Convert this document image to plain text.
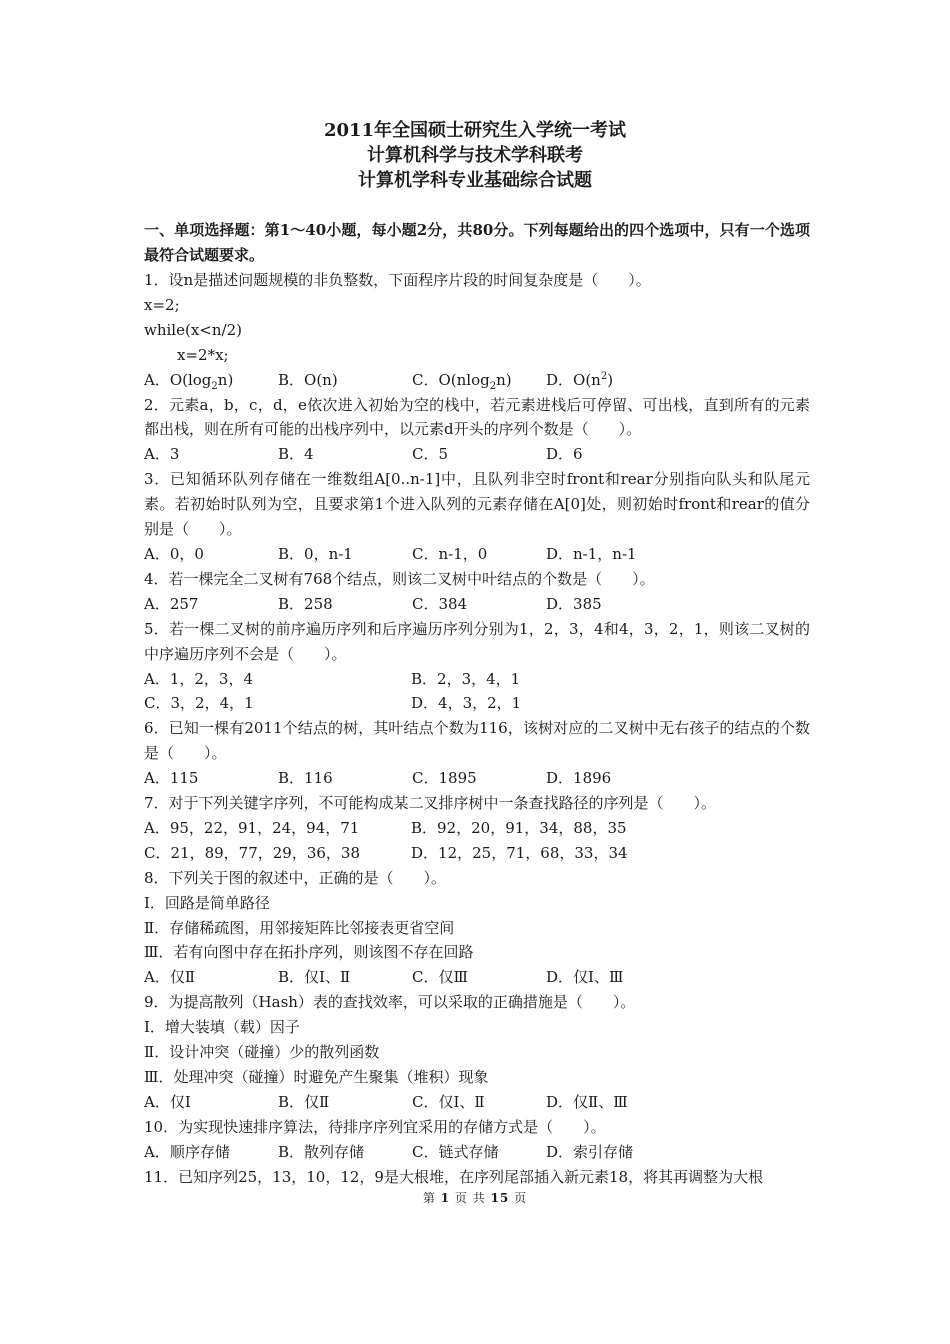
2011年全国硕士研究生入学统一考试
计算机科学与技术学科联考
计算机学科专业基础综合试题
一、单项选择题：第1～40小题，每小题2分，共80分。下列每题给出的四个选项中，只有一个选项最符合试题要求。
1．设n是描述问题规模的非负整数，下面程序片段的时间复杂度是（　　）。
x=2;
while(x<n/2)
x=2*x;
A．$O(\log_2n)$	B．O(n)	C．O(nlog$_2$n)	D．$O(n^2)$
2．元素a，b，c，d，e依次进入初始为空的栈中，若元素进栈后可停留、可出栈，直到所有的元素都出栈，则在所有可能的出栈序列中，以元素d开头的序列个数是（　　）。
A．3	B．4	C．5	D．6
3．已知循环队列存储在一维数组A[0..n-1]中，且队列非空时front和rear分别指向队头和队尾元素。若初始时队列为空，且要求第1个进入队列的元素存储在A[0]处，则初始时front和rear的值分别是（　　）。
A．0，0	B．0，n-1	C．n-1，0	D．n-1，n-1
4．若一棵完全二叉树有768个结点，则该二叉树中叶结点的个数是（　　）。
A．257	B．258	C．384	D．385
5．若一棵二叉树的前序遍历序列和后序遍历序列分别为1，2，3，4和4，3，2，1，则该二叉树的中序遍历序列不会是（　　）。
A．1，2，3，4	B．2，3，4，1
C．3，2，4，1	D．4，3，2，1
6．已知一棵有2011个结点的树，其叶结点个数为116，该树对应的二叉树中无右孩子的结点的个数是（　　）。
A．115	B．116	C．1895	D．1896
7．对于下列关键字序列，不可能构成某二叉排序树中一条查找路径的序列是（　　）。
A．95，22，91，24，94，71	B．92，20，91，34，88，35
C．21，89，77，29，36，38	D．12，25，71，68，33，34
8．下列关于图的叙述中，正确的是（　　）。
Ⅰ．回路是简单路径
Ⅱ．存储稀疏图，用邻接矩阵比邻接表更省空间
Ⅲ．若有向图中存在拓扑序列，则该图不存在回路
A．仅Ⅱ	B．仅Ⅰ、Ⅱ	C．仅Ⅲ	D．仅Ⅰ、Ⅲ
9．为提高散列（Hash）表的查找效率，可以采取的正确措施是（　　）。
Ⅰ．增大装填（载）因子
Ⅱ．设计冲突（碰撞）少的散列函数
Ⅲ．处理冲突（碰撞）时避免产生聚集（堆积）现象
A．仅Ⅰ	B．仅Ⅱ	C．仅Ⅰ、Ⅱ	D．仅Ⅱ、Ⅲ
10．为实现快速排序算法，待排序序列宜采用的存储方式是（　　）。
A．顺序存储	B．散列存储	C．链式存储	D．索引存储
11．已知序列25，13，10，12，9是大根堆，在序列尾部插入新元素18，将其再调整为大根
第 1 页 共 15 页
